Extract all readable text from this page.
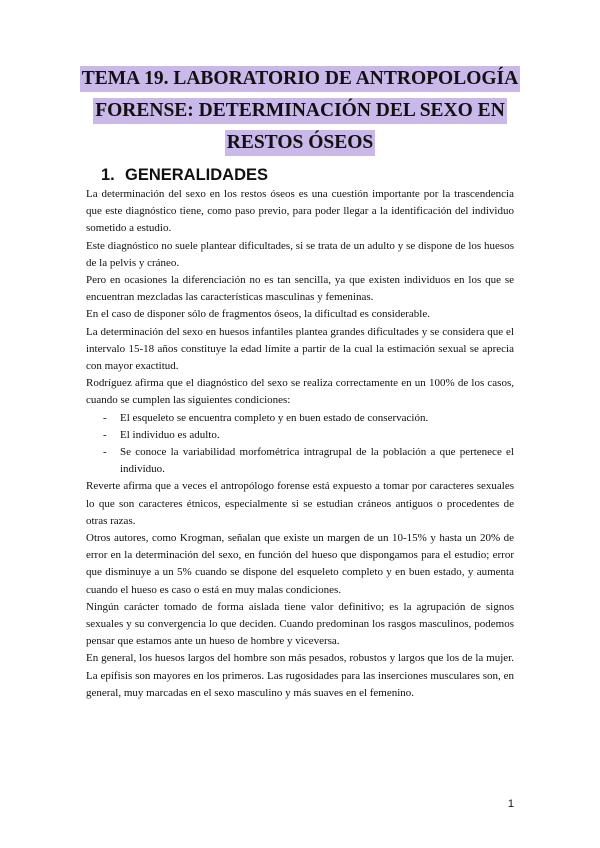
TEMA 19. LABORATORIO DE ANTROPOLOGÍA
FORENSE: DETERMINACIÓN DEL SEXO EN
RESTOS ÓSEOS
1. GENERALIDADES

La determinación del sexo en los restos óseos es una cuestión importante por la trascendencia que este diagnóstico tiene, como paso previo, para poder llegar a la identificación del individuo sometido a estudio.

Este diagnóstico no suele plantear dificultades, si se trata de un adulto y se dispone de los huesos de la pelvis y cráneo.

Pero en ocasiones la diferenciación no es tan sencilla, ya que existen individuos en los que se encuentran mezcladas las características masculinas y femeninas.

En el caso de disponer sólo de fragmentos óseos, la dificultad es considerable.

La determinación del sexo en huesos infantiles plantea grandes dificultades y se considera que el intervalo 15-18 años constituye la edad límite a partir de la cual la estimación sexual se aprecia con mayor exactitud.

Rodríguez afirma que el diagnóstico del sexo se realiza correctamente en un 100% de los casos, cuando se cumplen las siguientes condiciones:

- El esqueleto se encuentra completo y en buen estado de conservación.
- El individuo es adulto.
- Se conoce la variabilidad morfométrica intragrupal de la población a que pertenece el individuo.

Reverte afirma que a veces el antropólogo forense está expuesto a tomar por caracteres sexuales lo que son caracteres étnicos, especialmente si se estudian cráneos antiguos o procedentes de otras razas.

Otros autores, como Krogman, señalan que existe un margen de un 10-15% y hasta un 20% de error en la determinación del sexo, en función del hueso que dispongamos para el estudio; error que disminuye a un 5% cuando se dispone del esqueleto completo y en buen estado, y aumenta cuando el hueso es caso o está en muy malas condiciones.

Ningún carácter tomado de forma aislada tiene valor definitivo; es la agrupación de signos sexuales y su convergencia lo que deciden. Cuando predominan los rasgos masculinos, podemos pensar que estamos ante un hueso de hombre y viceversa.

En general, los huesos largos del hombre son más pesados, robustos y largos que los de la mujer. La epífisis son mayores en los primeros. Las rugosidades para las inserciones musculares son, en general, muy marcadas en el sexo masculino y más suaves en el femenino.

1
